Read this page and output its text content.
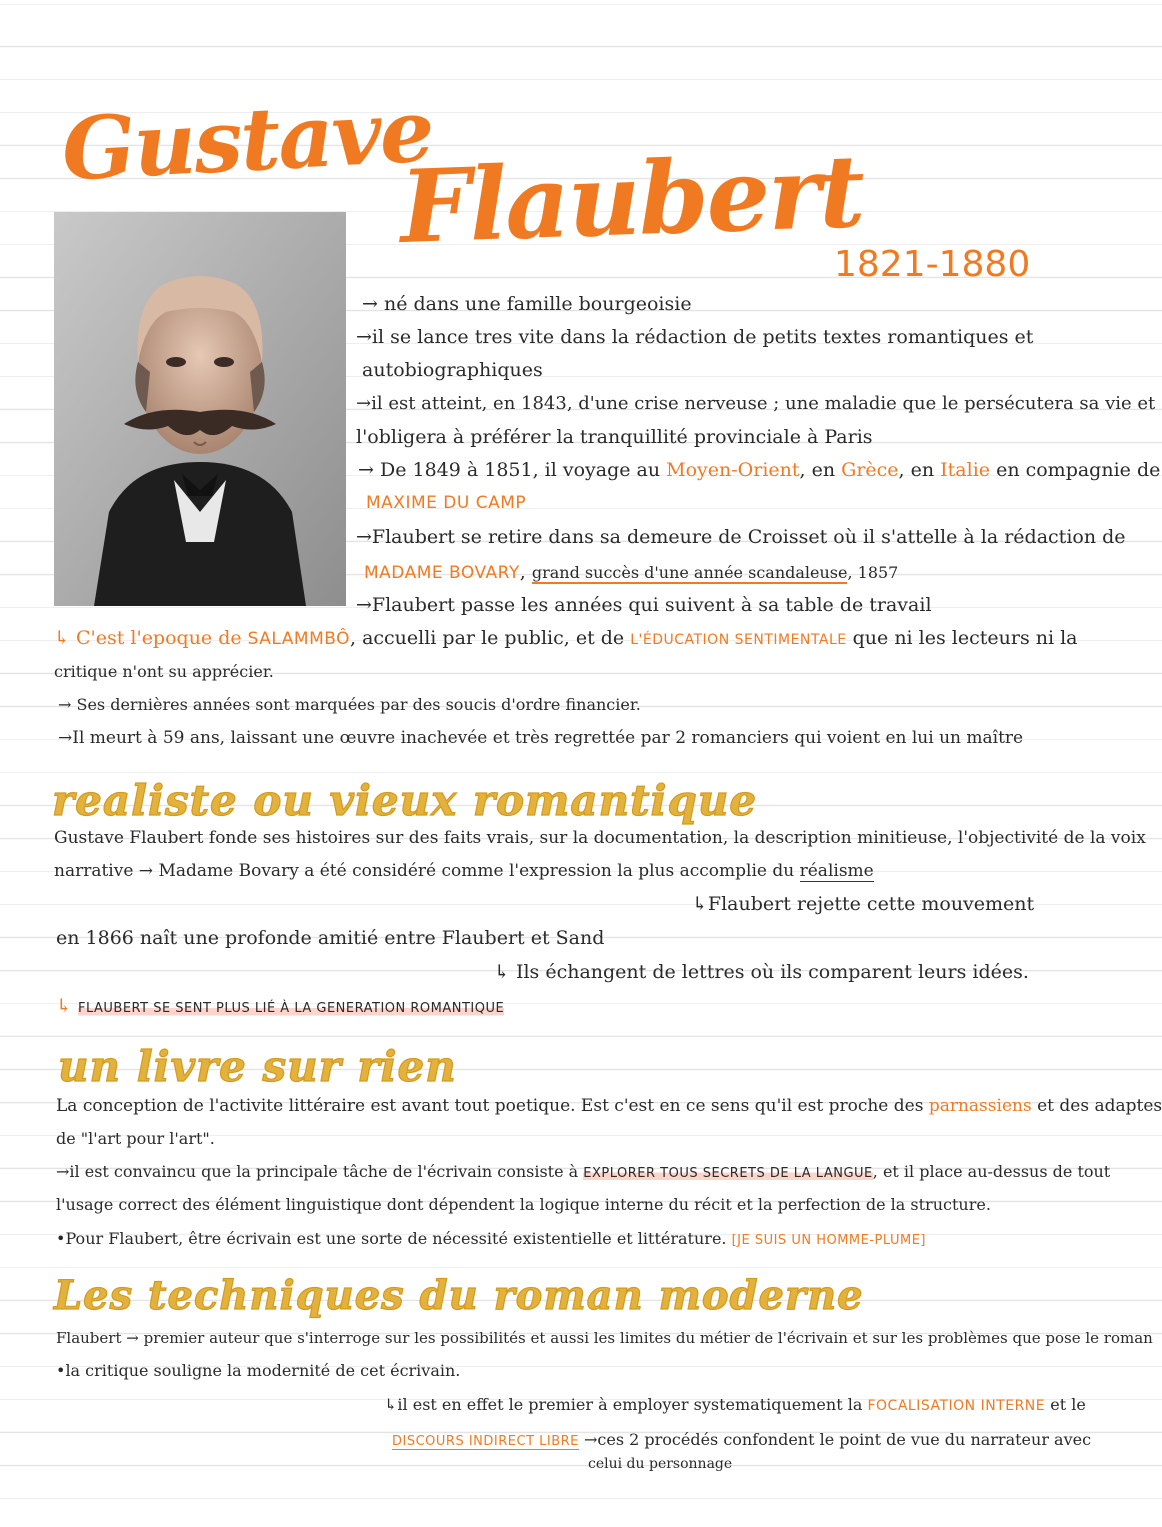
Gustave
Flaubert
1821-1880
→ né dans une famille bourgeoisie
→il se lance tres vite dans la rédaction de petits textes romantiques et
autobiographiques
→il est atteint, en 1843, d'une crise nerveuse ; une maladie que le persécutera sa vie et
l'obligera à préférer la tranquillité provinciale à Paris
→ De 1849 à 1851, il voyage au Moyen-Orient, en Grèce, en Italie en compagnie de
MAXIME DU CAMP
→Flaubert se retire dans sa demeure de Croisset où il s'attelle à la rédaction de
MADAME BOVARY, grand succès d'une année scandaleuse, 1857
→Flaubert passe les années qui suivent à sa table de travail
↳ C'est l'epoque de SALAMMBÔ, accuelli par le public, et de L'ÉDUCATION SENTIMENTALE que ni les lecteurs ni la
critique n'ont su apprécier.
→ Ses dernières années sont marquées par des soucis d'ordre financier.
→Il meurt à 59 ans, laissant une œuvre inachevée et très regrettée par 2 romanciers qui voient en lui un maître
realiste ou vieux romantique
Gustave Flaubert fonde ses histoires sur des faits vrais, sur la documentation, la description minitieuse, l'objectivité de la voix
narrative → Madame Bovary a été considéré comme l'expression la plus accomplie du réalisme
↳Flaubert rejette cette mouvement
en 1866 naît une profonde amitié entre Flaubert et Sand
↳ Ils échangent de lettres où ils comparent leurs idées.
↳ FLAUBERT SE SENT PLUS LIÉ À LA GENERATION ROMANTIQUE
un livre sur rien
La conception de l'activite littéraire est avant tout poetique. Est c'est en ce sens qu'il est proche des parnassiens et des adaptes
de "l'art pour l'art".
→il est convaincu que la principale tâche de l'écrivain consiste à EXPLORER TOUS SECRETS DE LA LANGUE, et il place au-dessus de tout
l'usage correct des élément linguistique dont dépendent la logique interne du récit et la perfection de la structure.
•Pour Flaubert, être écrivain est une sorte de nécessité existentielle et littérature. [JE SUIS UN HOMME-PLUME]
Les techniques du roman moderne
Flaubert → premier auteur que s'interroge sur les possibilités et aussi les limites du métier de l'écrivain et sur les problèmes que pose le roman
•la critique souligne la modernité de cet écrivain.
↳il est en effet le premier à employer systematiquement la FOCALISATION INTERNE et le
DISCOURS INDIRECT LIBRE →ces 2 procédés confondent le point de vue du narrateur avec
celui du personnage
